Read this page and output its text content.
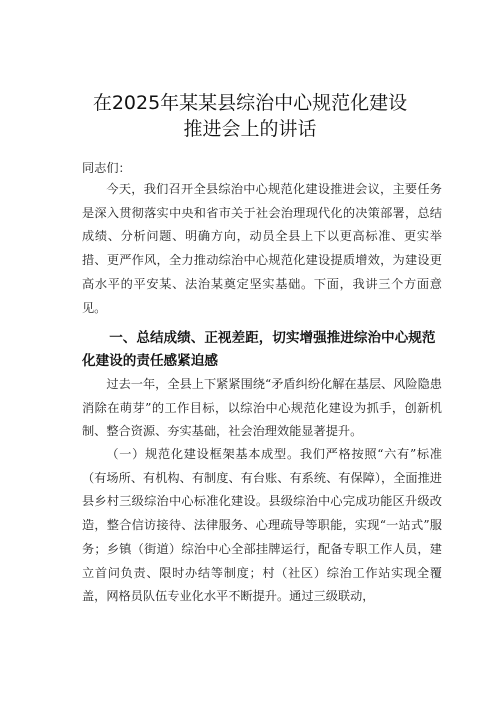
在2025年某某县综治中心规范化建设
推进会上的讲话

同志们：

今天，我们召开全县综治中心规范化建设推进会议，主要任务是深入贯彻落实中央和省市关于社会治理现代化的决策部署，总结成绩、分析问题、明确方向，动员全县上下以更高标准、更实举措、更严作风，全力推动综治中心规范化建设提质增效，为建设更高水平的平安某、法治某奠定坚实基础。下面，我讲三个方面意见。

一、总结成绩、正视差距，切实增强推进综治中心规范化建设的责任感紧迫感

过去一年，全县上下紧紧围绕“矛盾纠纷化解在基层、风险隐患消除在萌芽”的工作目标，以综治中心规范化建设为抓手，创新机制、整合资源、夯实基础，社会治理效能显著提升。

（一）规范化建设框架基本成型。我们严格按照“六有”标准（有场所、有机构、有制度、有台账、有系统、有保障），全面推进县乡村三级综治中心标准化建设。县级综治中心完成功能区升级改造，整合信访接待、法律服务、心理疏导等职能，实现“一站式”服务；乡镇（街道）综治中心全部挂牌运行，配备专职工作人员，建立首问负责、限时办结等制度；村（社区）综治工作站实现全覆盖，网格员队伍专业化水平不断提升。通过三级联动，
